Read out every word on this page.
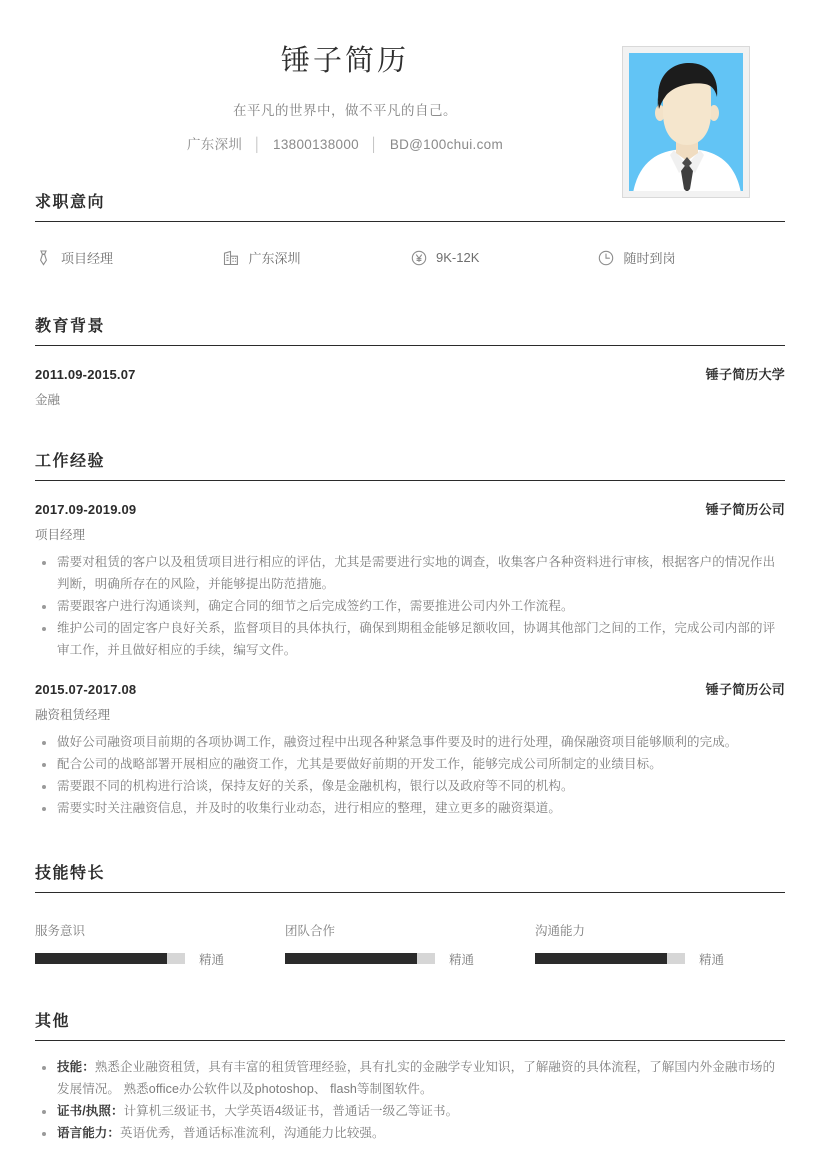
锤子简历
在平凡的世界中，做不平凡的自己。
广东深圳 │ 13800138000 │ BD@100chui.com
求职意向
项目经理	广东深圳	9K-12K	随时到岗
教育背景
2011.09-2015.07	锤子简历大学
金融
工作经验
2017.09-2019.09	锤子简历公司
项目经理
需要对租赁的客户以及租赁项目进行相应的评估，尤其是需要进行实地的调查，收集客户各种资料进行审核，根据客户的情况作出判断，明确所存在的风险，并能够提出防范措施。
需要跟客户进行沟通谈判，确定合同的细节之后完成签约工作，需要推进公司内外工作流程。
维护公司的固定客户良好关系，监督项目的具体执行，确保到期租金能够足额收回，协调其他部门之间的工作，完成公司内部的评审工作，并且做好相应的手续，编写文件。
2015.07-2017.08	锤子简历公司
融资租赁经理
做好公司融资项目前期的各项协调工作，融资过程中出现各种紧急事件要及时的进行处理，确保融资项目能够顺利的完成。
配合公司的战略部署开展相应的融资工作，尤其是要做好前期的开发工作，能够完成公司所制定的业绩目标。
需要跟不同的机构进行洽谈，保持友好的关系，像是金融机构，银行以及政府等不同的机构。
需要实时关注融资信息，并及时的收集行业动态，进行相应的整理，建立更多的融资渠道。
技能特长
服务意识
精通
团队合作
精通
沟通能力
精通
其他
技能：熟悉企业融资租赁，具有丰富的租赁管理经验，具有扎实的金融学专业知识，了解融资的具体流程，了解国内外金融市场的发展情况。 熟悉office办公软件以及photoshop、 flash等制图软件。
证书/执照：计算机三级证书，大学英语4级证书，普通话一级乙等证书。
语言能力：英语优秀，普通话标准流利，沟通能力比较强。
